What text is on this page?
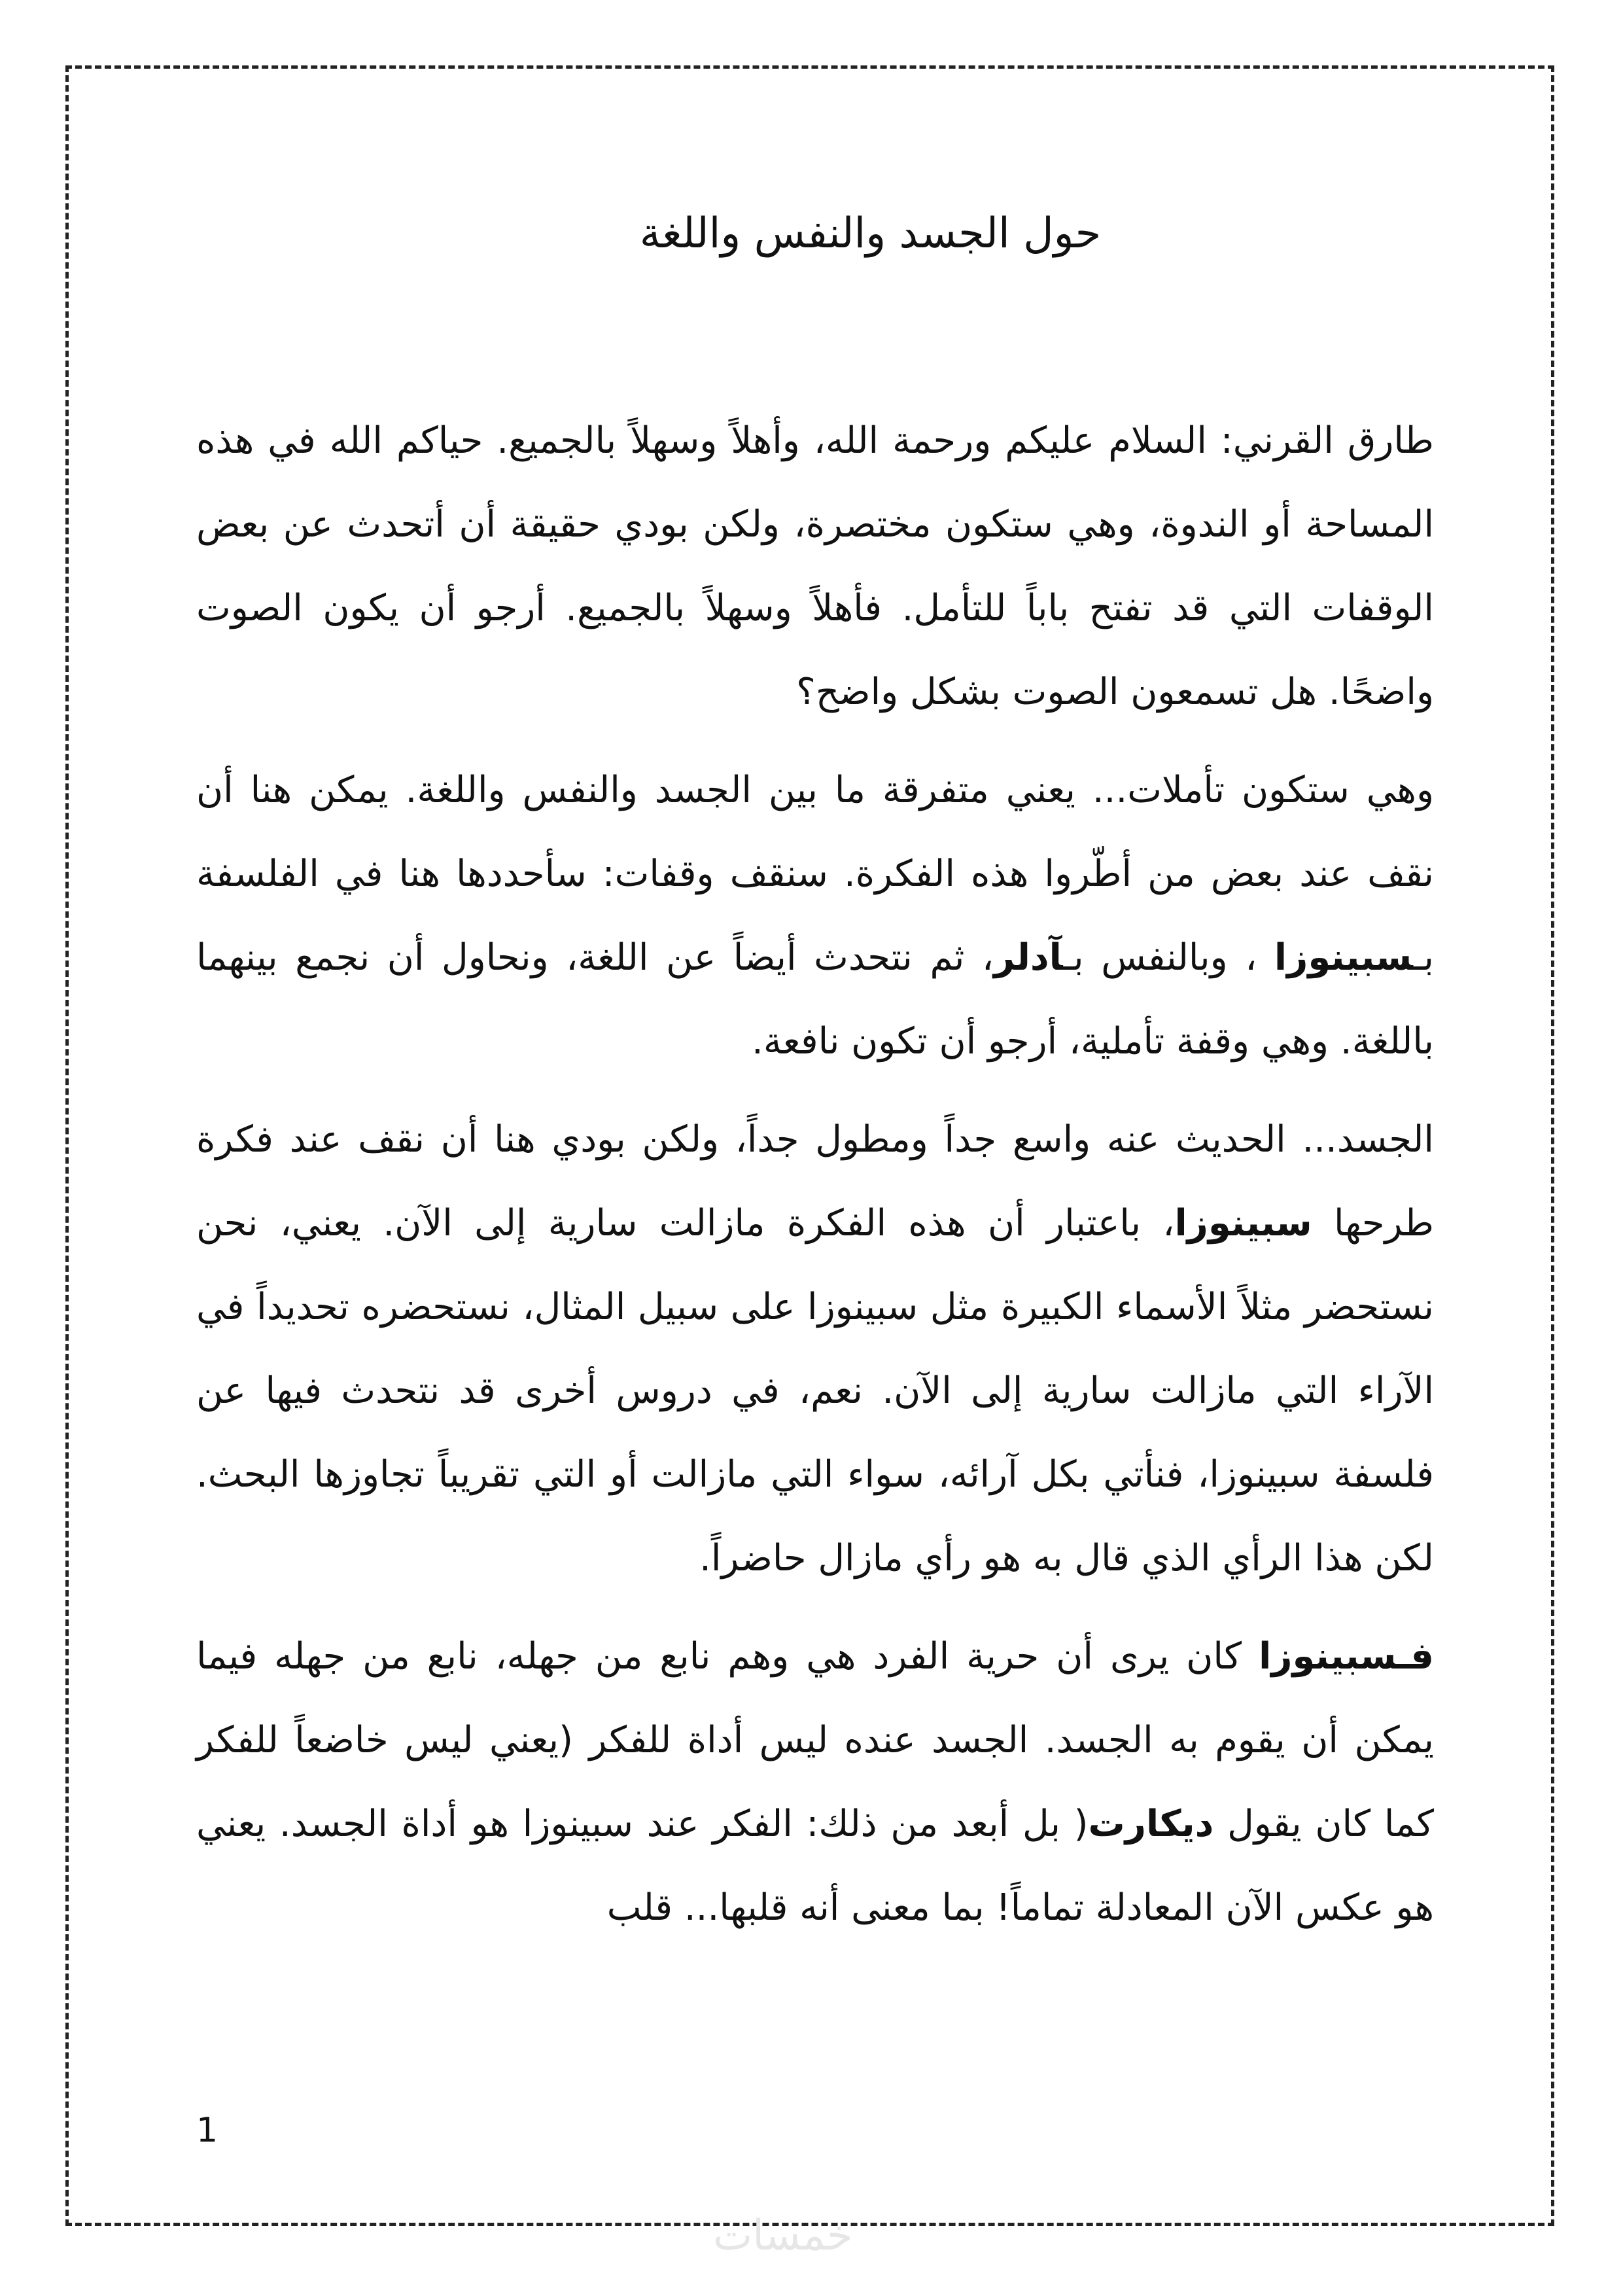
حول الجسد والنفس واللغة

طارق القرني: السلام عليكم ورحمة الله، وأهلاً وسهلاً بالجميع. حياكم الله في هذه المساحة أو الندوة، وهي ستكون مختصرة، ولكن بودي حقيقة أن أتحدث عن بعض الوقفات التي قد تفتح باباً للتأمل. فأهلاً وسهلاً بالجميع. أرجو أن يكون الصوت واضحًا. هل تسمعون الصوت بشكل واضح؟

وهي ستكون تأملات... يعني متفرقة ما بين الجسد والنفس واللغة. يمكن هنا أن نقف عند بعض من أطّروا هذه الفكرة. سنقف وقفات: سأحددها هنا في الفلسفة بـسبينوزا ، وبالنفس بـآدلر، ثم نتحدث أيضاً عن اللغة، ونحاول أن نجمع بينهما باللغة. وهي وقفة تأملية، أرجو أن تكون نافعة.

الجسد... الحديث عنه واسع جداً ومطول جداً، ولكن بودي هنا أن نقف عند فكرة طرحها سبينوزا، باعتبار أن هذه الفكرة مازالت سارية إلى الآن. يعني، نحن نستحضر مثلاً الأسماء الكبيرة مثل سبينوزا على سبيل المثال، نستحضره تحديداً في الآراء التي مازالت سارية إلى الآن. نعم، في دروس أخرى قد نتحدث فيها عن فلسفة سبينوزا، فنأتي بكل آرائه، سواء التي مازالت أو التي تقريباً تجاوزها البحث. لكن هذا الرأي الذي قال به هو رأي مازال حاضراً.

فـسبينوزا كان يرى أن حرية الفرد هي وهم نابع من جهله، نابع من جهله فيما يمكن أن يقوم به الجسد. الجسد عنده ليس أداة للفكر (يعني ليس خاضعاً للفكر كما كان يقول ديكارت( بل أبعد من ذلك: الفكر عند سبينوزا هو أداة الجسد. يعني هو عكس الآن المعادلة تماماً! بما معنى أنه قلبها... قلب

1
خمسات
